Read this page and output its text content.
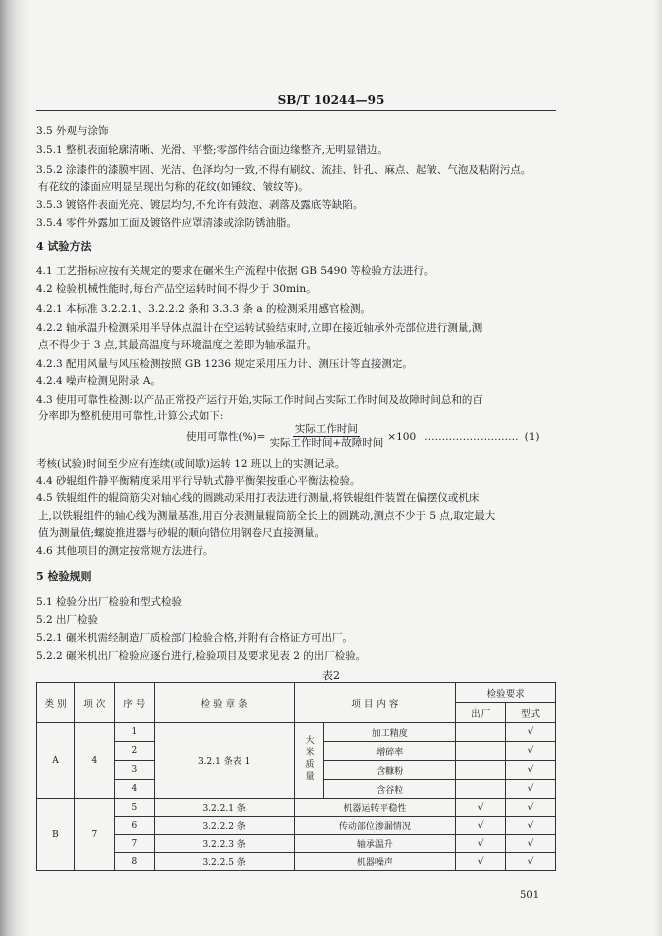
SB/T 10244—95
3.5 外观与涂饰
3.5.1 整机表面轮廓清晰、光滑、平整;零部件结合面边缘整齐,无明显错边。
3.5.2 涂漆件的漆膜牢固、光洁、色泽均匀一致,不得有刷纹、流挂、针孔、麻点、起皱、气泡及粘附污点。
有花纹的漆面应明显呈现出匀称的花纹(如锤纹、皱纹等)。
3.5.3 镀铬件表面光亮、镀层均匀,不允许有鼓泡、剥落及露底等缺陷。
3.5.4 零件外露加工面及镀铬件应罩清漆或涂防锈油脂。
4 试验方法
4.1 工艺指标应按有关规定的要求在碾米生产流程中依据 GB 5490 等检验方法进行。
4.2 检验机械性能时,每台产品空运转时间不得少于 30min。
4.2.1 本标准 3.2.2.1、3.2.2.2 条和 3.3.3 条 a 的检测采用感官检测。
4.2.2 轴承温升检测采用半导体点温计在空运转试验结束时,立即在接近轴承外壳部位进行测量,测
点不得少于 3 点,其最高温度与环境温度之差即为轴承温升。
4.2.3 配用风量与风压检测按照 GB 1236 规定采用压力计、测压计等直接测定。
4.2.4 噪声检测见附录 A。
4.3 使用可靠性检测:以产品正常投产运行开始,实际工作时间占实际工作时间及故障时间总和的百
分率即为整机使用可靠性,计算公式如下:
使用可靠性(%)= $\frac{\text{实际工作时间}}{\text{实际工作时间+故障时间}} \times 100$ ……………………… (1)
考核(试验)时间至少应有连续(或间歇)运转 12 班以上的实测记录。
4.4 砂辊组件静平衡精度采用平行导轨式静平衡架按重心平衡法检验。
4.5 铁辊组件的辊筒筋尖对轴心线的圆跳动采用打表法进行测量,将铁辊组件装置在偏摆仪或机床
上,以铁辊组件的轴心线为测量基准,用百分表测量辊筒筋全长上的圆跳动,测点不少于 5 点,取定最大
值为测量值;螺旋推进器与砂辊的顺向错位用钢卷尺直接测量。
4.6 其他项目的测定按常规方法进行。
5 检验规则
5.1 检验分出厂检验和型式检验
5.2 出厂检验
5.2.1 碾米机需经制造厂质检部门检验合格,并附有合格证方可出厂。
5.2.2 碾米机出厂检验应逐台进行,检验项目及要求见表 2 的出厂检验。
表2
类 别	项 次	序 号	检 验 章 条	项 目 内 容		检验要求	
						出厂	型式
A	4	1	3.2.1 条表 1	大米质量	加工精度		√
		2			增碎率		√
		3			含糠粉		√
		4			含谷粒		√
B	7	5	3.2.2.1 条	机器运转平稳性		√	√
		6	3.2.2.2 条	传动部位渗漏情况		√	√
		7	3.2.2.3 条	轴承温升		√	√
		8	3.2.2.5 条	机器噪声		√	√
501
